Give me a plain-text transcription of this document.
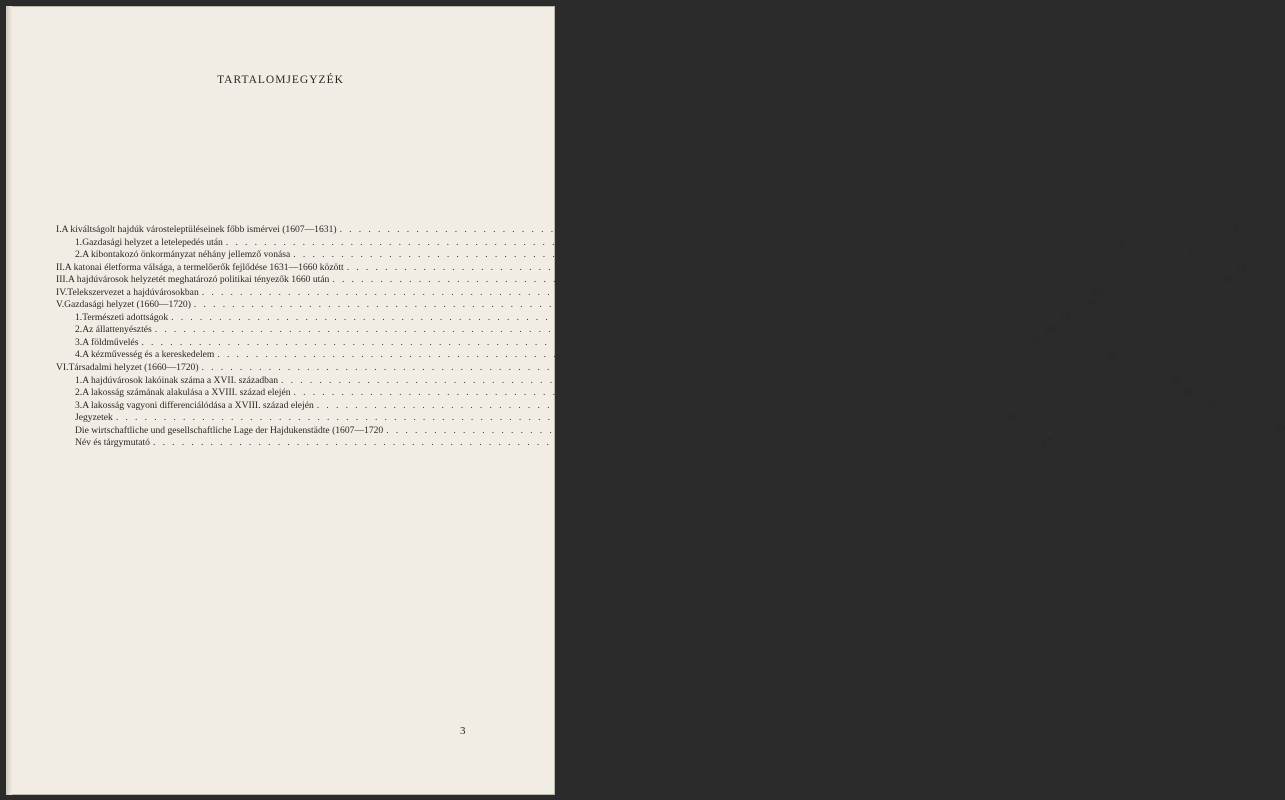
TARTALOMJEGYZÉK
I. A kiváltságolt hajdúk városteleptüléseinek főbb ismérvei (1607—1631) . . .	5
1. Gazdasági helyzet a letelepedés után . . .	6
2. A kibontakozó önkormányzat néhány jellemző vonása . . .	7
II. A katonai életforma válsága, a termelőerők fejlődése 1631—1660 között . . .	12
III. A hajdúvárosok helyzetét meghatározó politikai tényezők 1660 után . . .	18
IV. Telekszervezet a hajdúvárosokban . . .	21
V. Gazdasági helyzet (1660—1720) . . .	29
1. Természeti adottságok . . .	29
2. Az állattenyésztés . . .	30
3. A földművelés . . .	33
4. A kézművesség és a kereskedelem . . .	39
VI. Társadalmi helyzet (1660—1720) . . .	43
1. A hajdúvárosok lakóinak száma a XVII. században . . .	43
2. A lakosság számának alakulása a XVIII. század elején . . .	44
3. A lakosság vagyoni differenciálódása a XVIII. század elején . . .	45
Jegyzetek . . .	45
Die wirtschaftliche und gesellschaftliche Lage der Hajdukenstädte (1607—1720 . . .	62
Név és tárgymutató . . .	67
3
